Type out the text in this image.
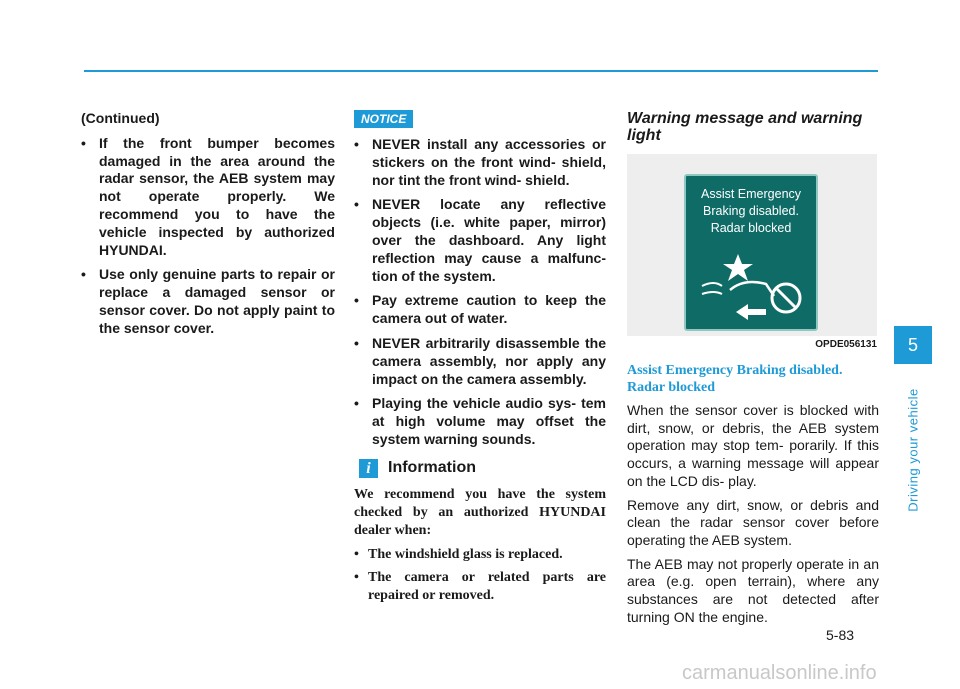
(Continued)

• If the front bumper becomes damaged in the area around the radar sensor, the AEB system may not operate properly. We recommend you to have the vehicle inspected by authorized HYUNDAI.
• Use only genuine parts to repair or replace a damaged sensor or sensor cover. Do not apply paint to the sensor cover.
NOTICE
• NEVER install any accessories or stickers on the front wind- shield, nor tint the front wind- shield.
• NEVER locate any reflective objects (i.e. white paper, mirror) over the dashboard. Any light reflection may cause a malfunc- tion of the system.
• Pay extreme caution to keep the camera out of water.
• NEVER arbitrarily disassemble the camera assembly, nor apply any impact on the camera assembly.
• Playing the vehicle audio sys- tem at high volume may offset the system warning sounds.
i	Information

We recommend you have the system checked by an authorized HYUNDAI dealer when:

• The windshield glass is replaced.
• The camera or related parts are repaired or removed.
Warning message and warning light
Assist Emergency
Braking disabled.
Radar blocked
OPDE056131
Assist Emergency Braking disabled. Radar blocked

When the sensor cover is blocked with dirt, snow, or debris, the AEB system operation may stop tem- porarily. If this occurs, a warning message will appear on the LCD dis- play.

Remove any dirt, snow, or debris and clean the radar sensor cover before operating the AEB system.

The AEB may not properly operate in an area (e.g. open terrain), where any substances are not detected after turning ON the engine.

5
Driving your vehicle
5-83
carmanualsonline.info
